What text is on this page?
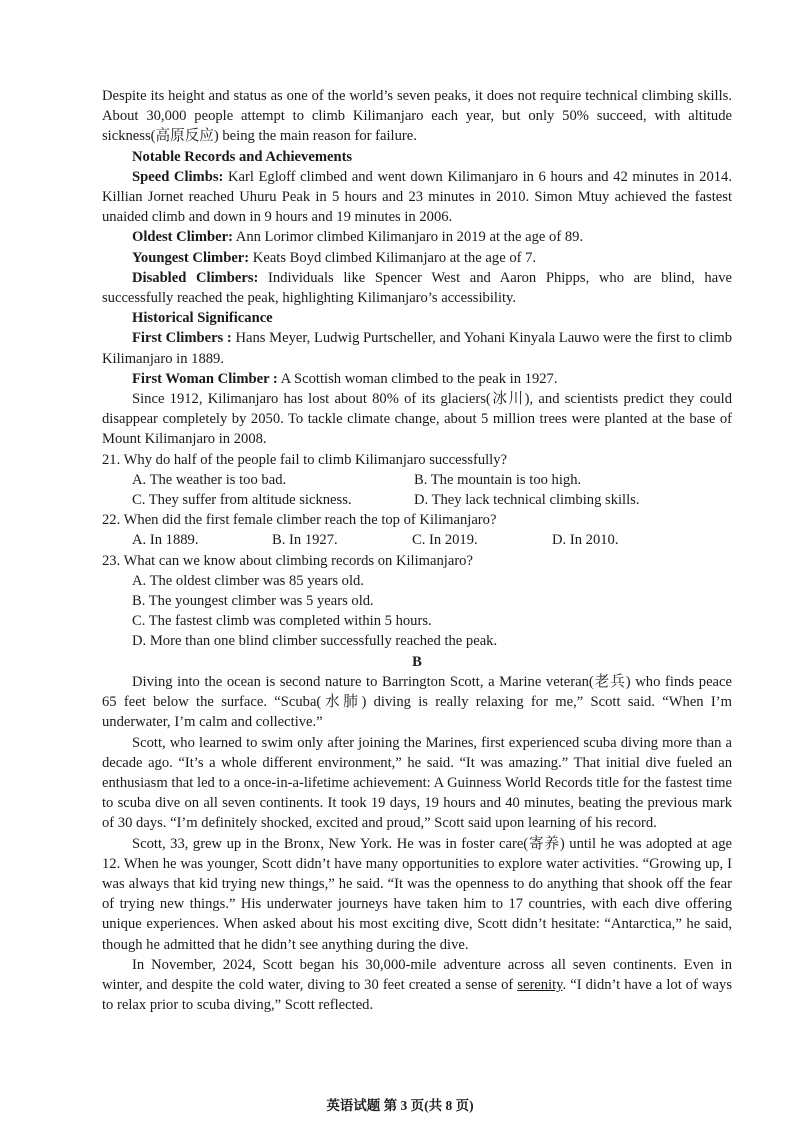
Despite its height and status as one of the world’s seven peaks, it does not require technical climbing skills. About 30,000 people attempt to climb Kilimanjaro each year, but only 50% succeed, with altitude sickness(高原反应) being the main reason for failure.

Notable Records and Achievements

Speed Climbs: Karl Egloff climbed and went down Kilimanjaro in 6 hours and 42 minutes in 2014. Killian Jornet reached Uhuru Peak in 5 hours and 23 minutes in 2010. Simon Mtuy achieved the fastest unaided climb and down in 9 hours and 19 minutes in 2006.

Oldest Climber: Ann Lorimor climbed Kilimanjaro in 2019 at the age of 89.

Youngest Climber: Keats Boyd climbed Kilimanjaro at the age of 7.

Disabled Climbers: Individuals like Spencer West and Aaron Phipps, who are blind, have successfully reached the peak, highlighting Kilimanjaro’s accessibility.

Historical Significance

First Climbers : Hans Meyer, Ludwig Purtscheller, and Yohani Kinyala Lauwo were the first to climb Kilimanjaro in 1889.

First Woman Climber : A Scottish woman climbed to the peak in 1927.

Since 1912, Kilimanjaro has lost about 80% of its glaciers(冰川), and scientists predict they could disappear completely by 2050. To tackle climate change, about 5 million trees were planted at the base of Mount Kilimanjaro in 2008.

21. Why do half of the people fail to climb Kilimanjaro successfully?

A. The weather is too bad.	B. The mountain is too high.
C. They suffer from altitude sickness.	D. They lack technical climbing skills.

22. When did the first female climber reach the top of Kilimanjaro?

A. In 1889.	B. In 1927.	C. In 2019.	D. In 2010.

23. What can we know about climbing records on Kilimanjaro?

A. The oldest climber was 85 years old.

B. The youngest climber was 5 years old.

C. The fastest climb was completed within 5 hours.

D. More than one blind climber successfully reached the peak.

B

Diving into the ocean is second nature to Barrington Scott, a Marine veteran(老兵) who finds peace 65 feet below the surface. “Scuba(水肺) diving is really relaxing for me,” Scott said. “When I’m underwater, I’m calm and collective.”

Scott, who learned to swim only after joining the Marines, first experienced scuba diving more than a decade ago. “It’s a whole different environment,” he said. “It was amazing.” That initial dive fueled an enthusiasm that led to a once-in-a-lifetime achievement: A Guinness World Records title for the fastest time to scuba dive on all seven continents. It took 19 days, 19 hours and 40 minutes, beating the previous mark of 30 days. “I’m definitely shocked, excited and proud,” Scott said upon learning of his record.

Scott, 33, grew up in the Bronx, New York. He was in foster care(寄养) until he was adopted at age 12. When he was younger, Scott didn’t have many opportunities to explore water activities. “Growing up, I was always that kid trying new things,” he said. “It was the openness to do anything that shook off the fear of trying new things.” His underwater journeys have taken him to 17 countries, with each dive offering unique experiences. When asked about his most exciting dive, Scott didn’t hesitate: “Antarctica,” he said, though he admitted that he didn’t see anything during the dive.

In November, 2024, Scott began his 30,000-mile adventure across all seven continents. Even in winter, and despite the cold water, diving to 30 feet created a sense of serenity. “I didn’t have a lot of ways to relax prior to scuba diving,” Scott reflected.

英语试题 第 3 页(共 8 页)
